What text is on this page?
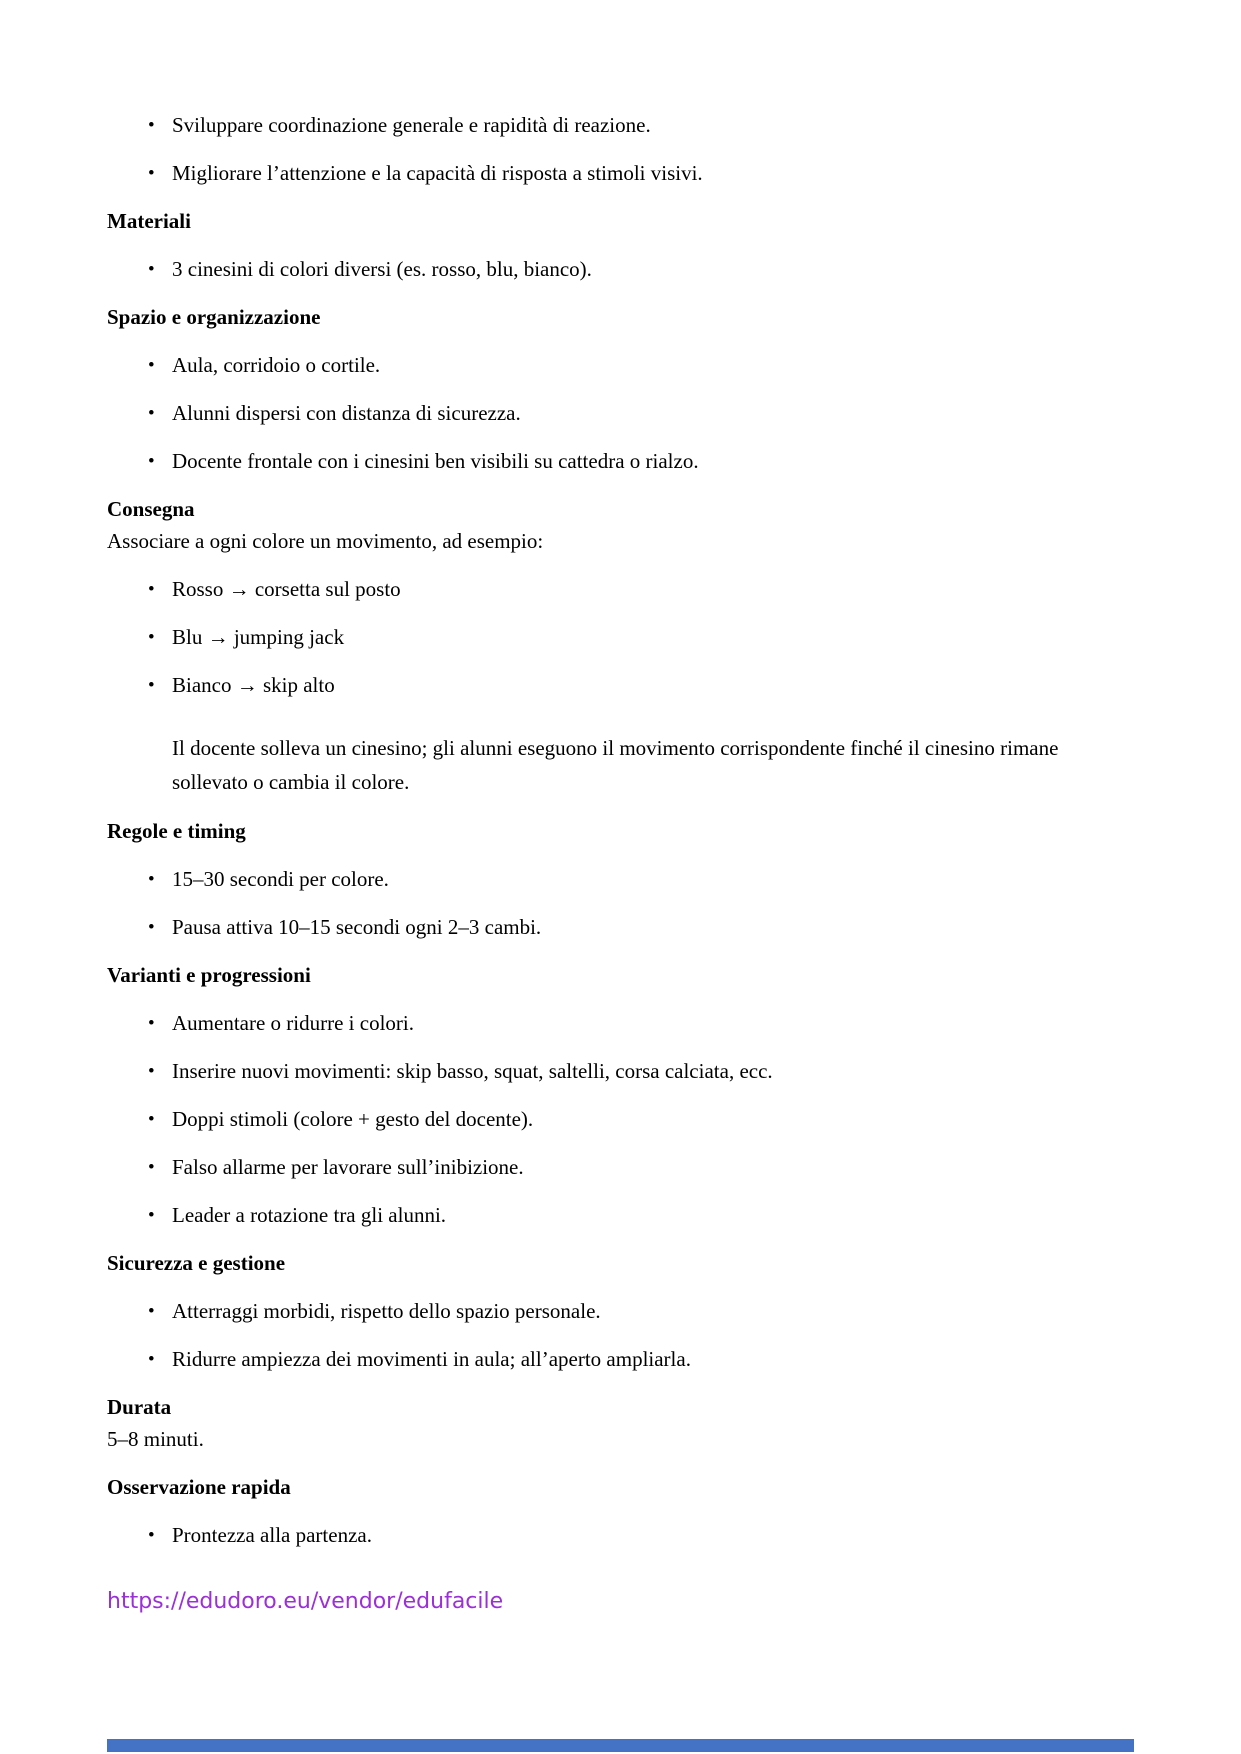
• Sviluppare coordinazione generale e rapidità di reazione.
• Migliorare l’attenzione e la capacità di risposta a stimoli visivi.
Materiali
• 3 cinesini di colori diversi (es. rosso, blu, bianco).
Spazio e organizzazione
• Aula, corridoio o cortile.
• Alunni dispersi con distanza di sicurezza.
• Docente frontale con i cinesini ben visibili su cattedra o rialzo.
Consegna
Associare a ogni colore un movimento, ad esempio:
• Rosso → corsetta sul posto
• Blu → jumping jack
• Bianco → skip alto
Il docente solleva un cinesino; gli alunni eseguono il movimento corrispondente finché il cinesino rimane sollevato o cambia il colore.
Regole e timing
• 15–30 secondi per colore.
• Pausa attiva 10–15 secondi ogni 2–3 cambi.
Varianti e progressioni
• Aumentare o ridurre i colori.
• Inserire nuovi movimenti: skip basso, squat, saltelli, corsa calciata, ecc.
• Doppi stimoli (colore + gesto del docente).
• Falso allarme per lavorare sull’inibizione.
• Leader a rotazione tra gli alunni.
Sicurezza e gestione
• Atterraggi morbidi, rispetto dello spazio personale.
• Ridurre ampiezza dei movimenti in aula; all’aperto ampliarla.
Durata
5–8 minuti.
Osservazione rapida
• Prontezza alla partenza.
https://edudoro.eu/vendor/edufacile
